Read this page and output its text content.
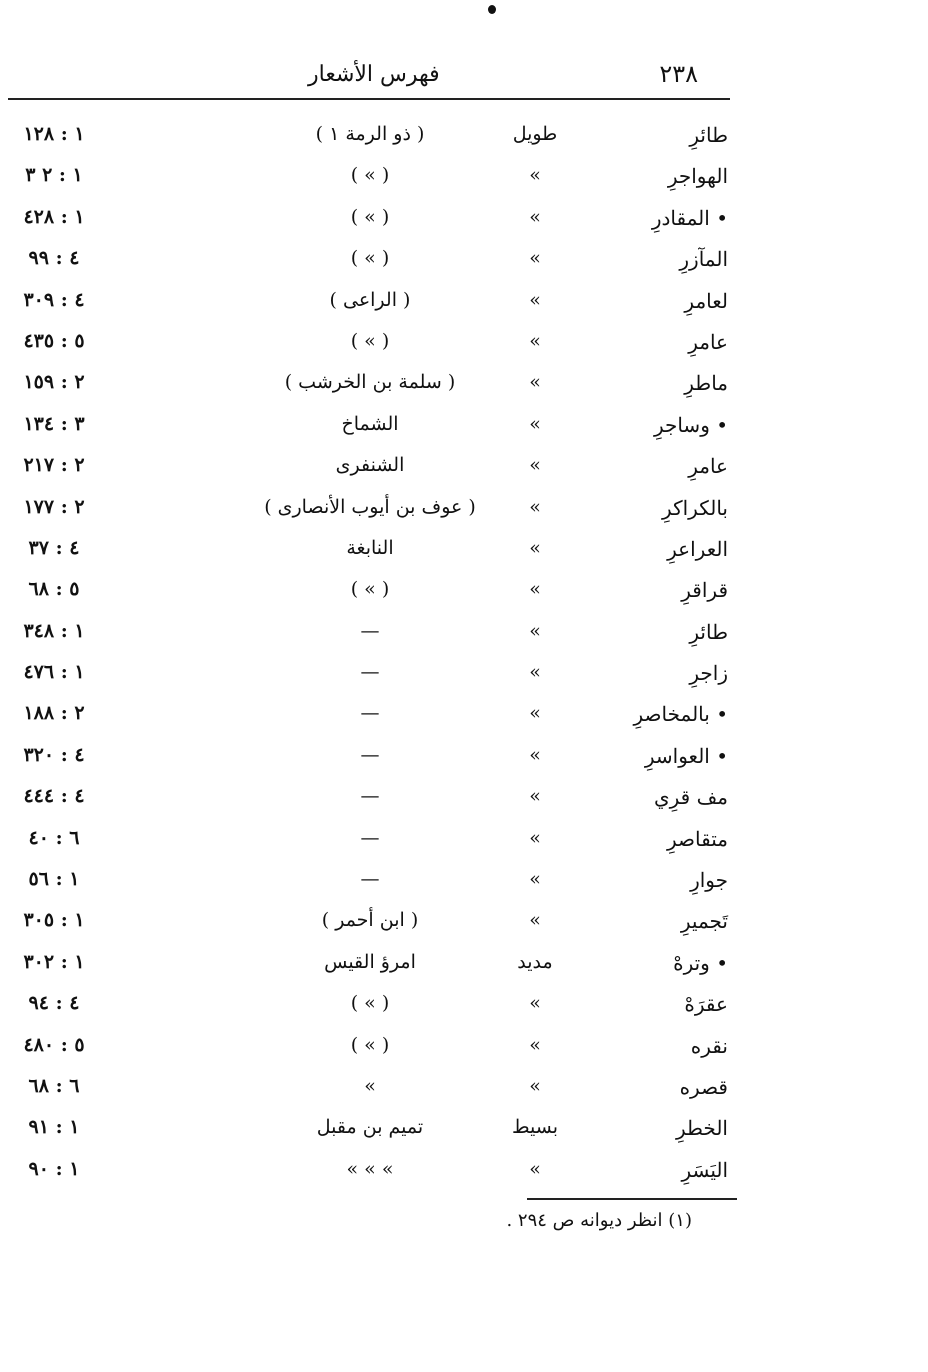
٢٣٨
فهرس الأشعار
طائرِ
طويل
( ذو الرمة ١ )
١ : ١٢٨
الهواجرِ
»
( » )
١ : ٢ ٣
• المقادرِ
»
( » )
١ : ٤٢٨
المآزرِ
»
( » )
٤ : ٩٩
لعامرِ
»
( الراعى )
٤ : ٣٠٩
عامرِ
»
( » )
٥ : ٤٣٥
ماطرِ
»
( سلمة بن الخرشب )
٢ : ١٥٩
• وساجرِ
»
الشماخ
٣ : ١٣٤
عامرِ
»
الشنفرى
٢ : ٢١٧
بالكراكرِ
»
( عوف بن أيوب الأنصارى )
٢ : ١٧٧
العراعرِ
»
النابغة
٤ : ٣٧
قراقرِ
»
( » )
٥ : ٦٨
طائرِ
»
—
١ : ٣٤٨
زاجرِ
»
—
١ : ٤٧٦
• بالمخاصرِ
»
—
٢ : ١٨٨
• العواسرِ
»
—
٤ : ٣٢٠
مف قرِي
»
—
٤ : ٤٤٤
متقاصرِ
»
—
٦ : ٤٠
جوارِ
»
—
١ : ٥٦
تَجميرِ
»
( ابن أحمر )
١ : ٣٠٥
• وترهْ
مديد
امرؤ القيس
١ : ٣٠٢
عقرَهْ
»
( » )
٤ : ٩٤
نقره
»
( » )
٥ : ٤٨٠
قصره
»
»
٦ : ٦٨
الخطرِ
بسيط
تميم بن مقبل
١ : ٩١
اليَسَرِ
»
» » »
١ : ٩٠
(١) انظر ديوانه ص ٢٩٤ .
